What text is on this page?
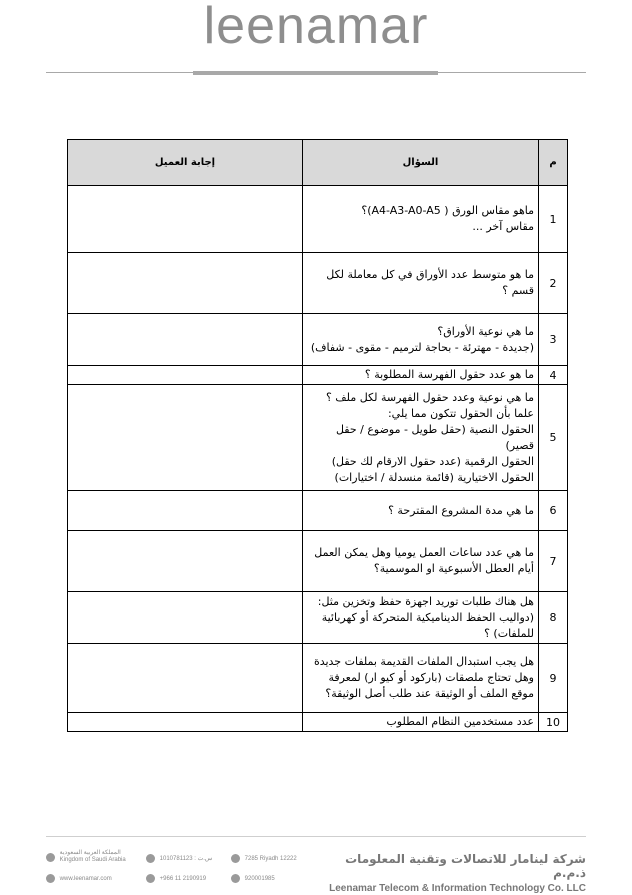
leenamar
إجابة العميل	السؤال	م
	ماهو مقاس الورق ( A4-A3-A0-A5)؟
مقاس آخر ...	1
	ما هو متوسط عدد الأوراق في كل معاملة لكل قسم ؟	2
	ما هي نوعية الأوراق؟
(جديدة - مهترئة - بحاجة لترميم - مقوى - شفاف)	3
	ما هو عدد حقول الفهرسة المطلوبة ؟	4
	ما هي نوعية وعدد حقول الفهرسة لكل ملف ؟
علما بأن الحقول تتكون مما يلي:
الحقول النصية (حقل طويل - موضوع / حقل قصير)
الحقول الرقمية (عدد حقول الارقام لك حقل)
الحقول الاختيارية (قائمة منسدلة / اختيارات)	5
	ما هي مدة المشروع المقترحة ؟	6
	ما هي عدد ساعات العمل يوميا وهل يمكن العمل أيام العطل الأسبوعية او الموسمية؟	7
	هل هناك طلبات توريد اجهزة حفظ وتخزين مثل:(دواليب الحفظ الديناميكية المتحركة أو كهربائية للملفات) ؟	8
	هل يجب استبدال الملفات القديمة بملفات جديدة وهل تحتاج ملصقات (باركود أو كيو ار) لمعرفة موقع الملف أو الوثيقة عند طلب أصل الوثيقة؟	9
	عدد مستخدمين النظام المطلوب	10
المملكة العربية السعودية
Kingdom of Saudi Arabia
www.leenamar.com
س.ت : 1010781123
+966 11 2190919
7285 Riyadh 12222
920001985
شركة لينامار للاتصالات وتقنية المعلومات ذ.م.م
Leenamar Telecom & Information Technology Co. LLC
